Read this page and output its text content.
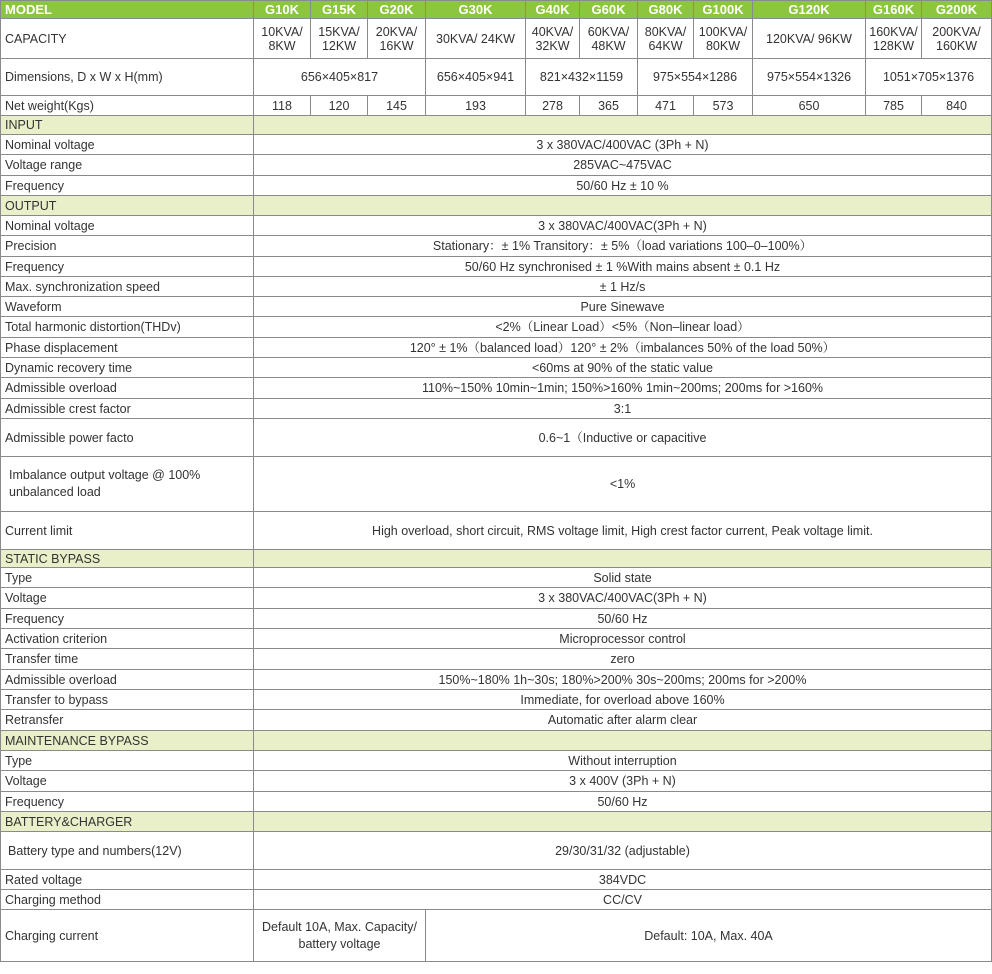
MODEL	G10K	G15K	G20K	G30K	G40K	G60K	G80K	G100K	G120K	G160K	G200K
CAPACITY	10KVA/ 8KW	15KVA/ 12KW	20KVA/ 16KW	30KVA/ 24KW	40KVA/ 32KW	60KVA/ 48KW	80KVA/ 64KW	100KVA/ 80KW	120KVA/ 96KW	160KVA/ 128KW	200KVA/ 160KW
Dimensions, D x W x H(mm)	656×405×817			656×405×941	821×432×1159		975×554×1286		975×554×1326	1051×705×1376	
Net weight(Kgs)	118	120	145	193	278	365	471	573	650	785	840
INPUT											
Nominal voltage	3 x 380VAC/400VAC (3Ph + N)										
Voltage range	285VAC~475VAC										
Frequency	50/60 Hz ± 10 %										
OUTPUT											
Nominal voltage	3 x 380VAC/400VAC(3Ph + N)										
Precision	Stationary：± 1% Transitory：± 5%（load variations 100–0–100%）										
Frequency	50/60 Hz synchronised ± 1 %With mains absent ± 0.1 Hz										
Max. synchronization speed	± 1 Hz/s										
Waveform	Pure Sinewave										
Total harmonic distortion(THDv)	<2%（Linear Load）<5%（Non–linear load）										
Phase displacement	120° ± 1%（balanced load）120° ± 2%（imbalances 50% of the load 50%）										
Dynamic recovery time	<60ms at 90% of the static value										
Admissible overload	110%~150% 10min~1min; 150%>160% 1min~200ms; 200ms for >160%										
Admissible crest factor	3:1										
Admissible power facto	0.6~1（Inductive or capacitive										
Imbalance output voltage @ 100% unbalanced load	<1%										
Current limit	High overload, short circuit, RMS voltage limit, High crest factor current, Peak voltage limit.										
STATIC BYPASS											
Type	Solid state										
Voltage	3 x 380VAC/400VAC(3Ph + N)										
Frequency	50/60 Hz										
Activation criterion	Microprocessor control										
Transfer time	zero										
Admissible overload	150%~180% 1h~30s; 180%>200% 30s~200ms; 200ms for >200%										
Transfer to bypass	Immediate, for overload above 160%										
Retransfer	Automatic after alarm clear										
MAINTENANCE BYPASS											
Type	Without interruption										
Voltage	3 x 400V (3Ph + N)										
Frequency	50/60 Hz										
BATTERY&CHARGER											
Battery type and numbers(12V)	29/30/31/32 (adjustable)										
Rated voltage	384VDC										
Charging method	CC/CV										
Charging current	Default 10A, Max. Capacity/ battery voltage			Default: 10A, Max. 40A							
